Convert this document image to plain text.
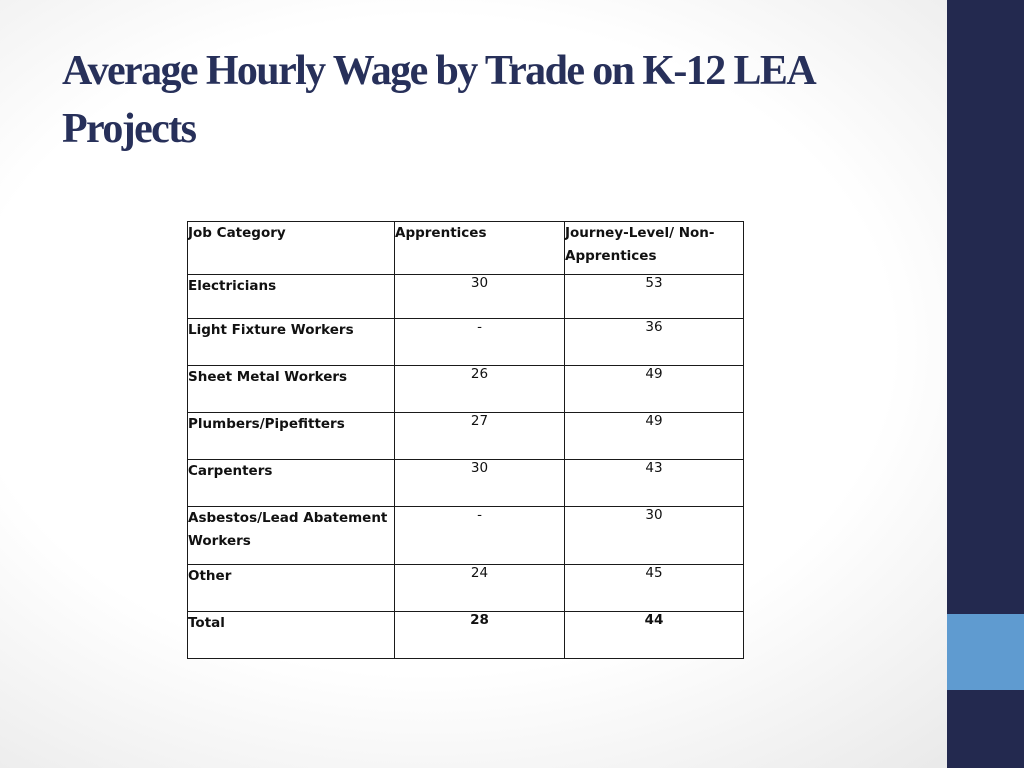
Average Hourly Wage by Trade on K-12 LEA Projects
Job Category	Apprentices	Journey-Level/ Non-Apprentices
Electricians	30	53
Light Fixture Workers	-	36
Sheet Metal Workers	26	49
Plumbers/Pipefitters	27	49
Carpenters	30	43
Asbestos/Lead Abatement Workers	-	30
Other	24	45
Total	28	44
